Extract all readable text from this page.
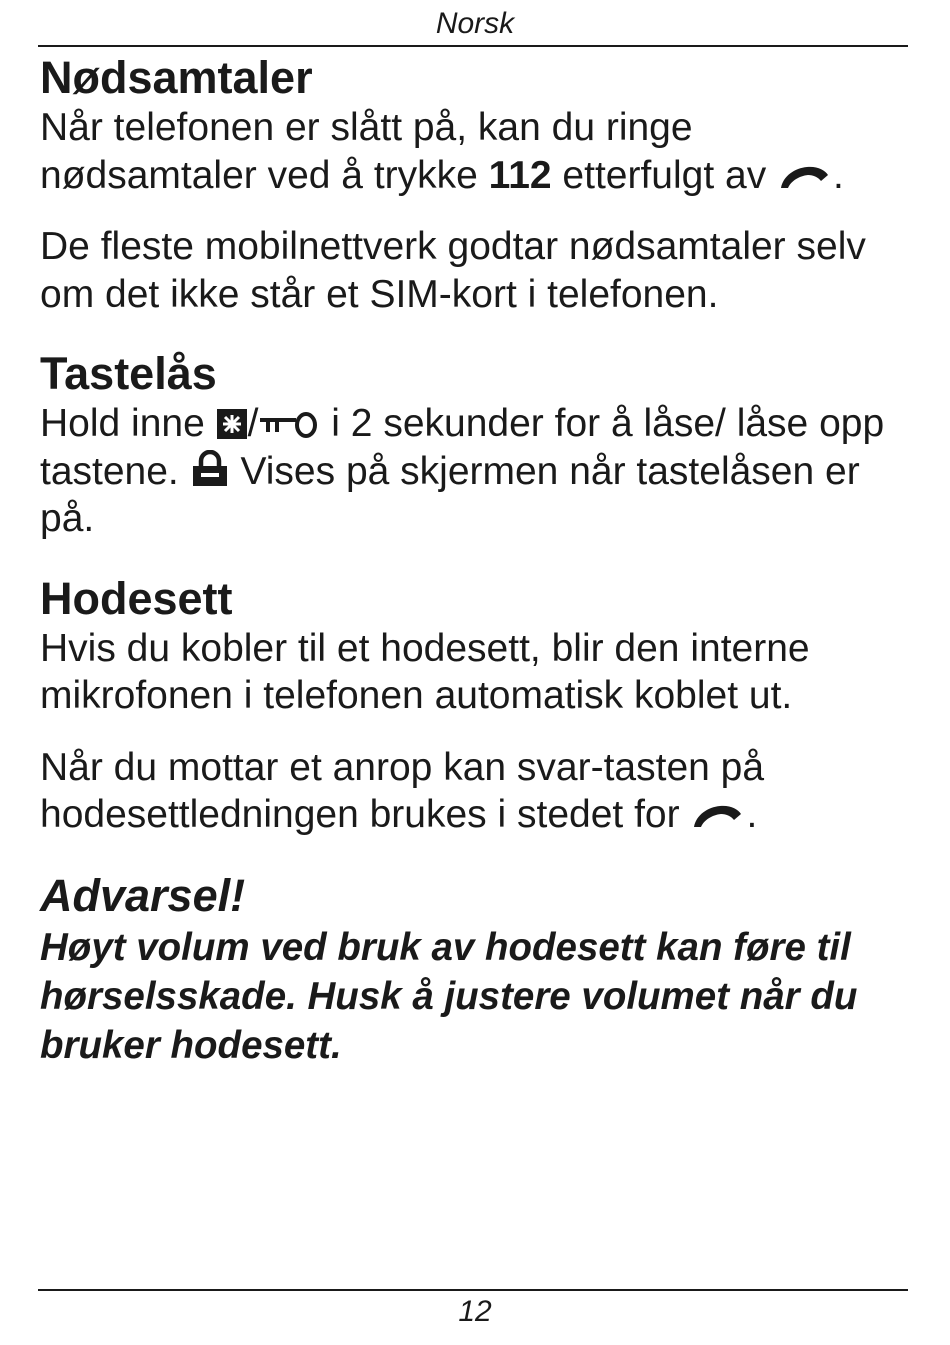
Norsk
Nødsamtaler

Når telefonen er slått på, kan du ringe nødsamtaler ved å trykke 112 etterfulgt av
.

De fleste mobilnettverk godtar nødsamtaler selv om det ikke står et SIM-kort i telefonen.

Tastelås

Hold inne
/
i 2 sekunder for å låse/ låse opp tastene.
Vises på skjermen når tastelåsen er på.

Hodesett

Hvis du kobler til et hodesett, blir den interne mikrofonen i telefonen automatisk koblet ut.

Når du mottar et anrop kan svar-tasten på hodesettledningen brukes i stedet for
.

Advarsel!

Høyt volum ved bruk av hodesett kan føre til hørselsskade. Husk å justere volumet når du bruker hodesett.

12
